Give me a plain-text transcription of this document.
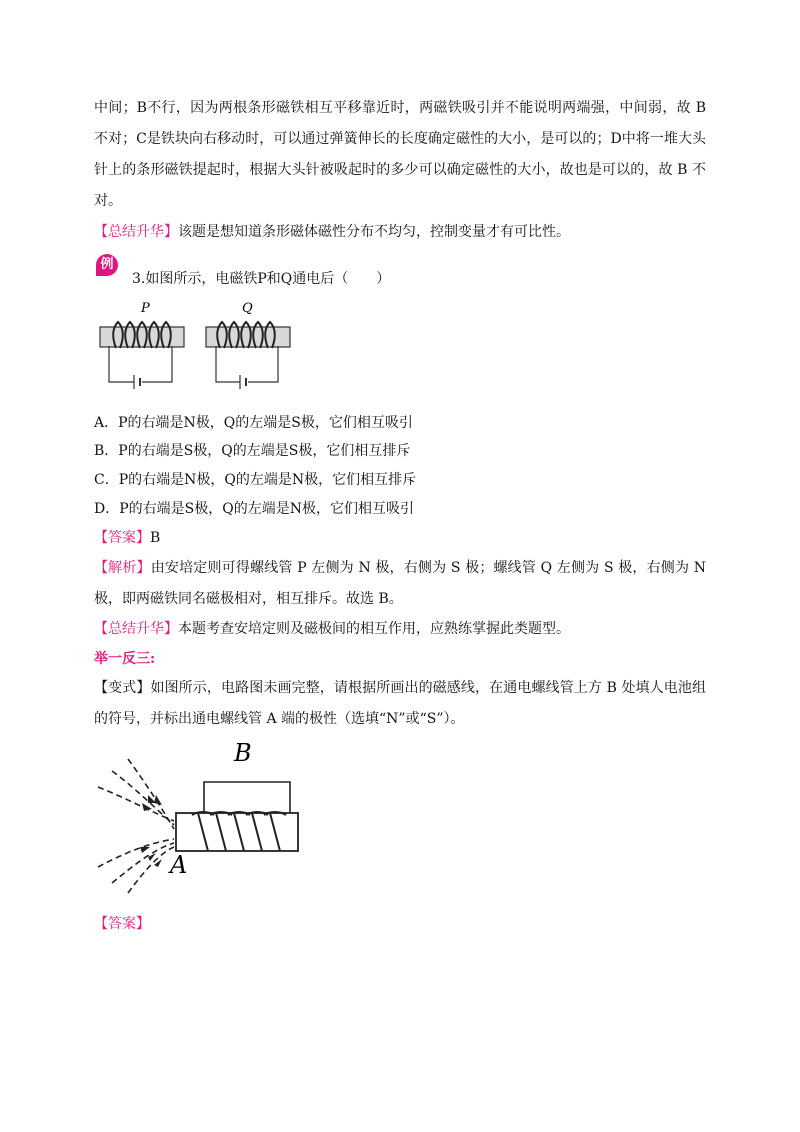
中间；B不行，因为两根条形磁铁相互平移靠近时，两磁铁吸引并不能说明两端强，中间弱，故 B 不对；C是铁块向右移动时，可以通过弹簧伸长的长度确定磁性的大小，是可以的；D中将一堆大头针上的条形磁铁提起时，根据大头针被吸起时的多少可以确定磁性的大小，故也是可以的，故 B 不对。

【总结升华】该题是想知道条形磁体磁性分布不均匀，控制变量才有可比性。
例
3.如图所示，电磁铁P和Q通电后（　　）
P	Q
A．P的右端是N极，Q的左端是S极，它们相互吸引
B．P的右端是S极，Q的左端是S极，它们相互排斥
C．P的右端是N极，Q的左端是N极，它们相互排斥
D．P的右端是S极，Q的左端是N极，它们相互吸引
【答案】B

【解析】由安培定则可得螺线管 P 左侧为 N 极，右侧为 S 极；螺线管 Q 左侧为 S 极，右侧为 N 极，即两磁铁同名磁极相对，相互排斥。故选 B。

【总结升华】本题考查安培定则及磁极间的相互作用，应熟练掌握此类题型。
举一反三:

【变式】如图所示，电路图未画完整，请根据所画出的磁感线，在通电螺线管上方 B 处填人电池组的符号，并标出通电螺线管 A 端的极性（选填“N”或“S”）。

B
A
【答案】
